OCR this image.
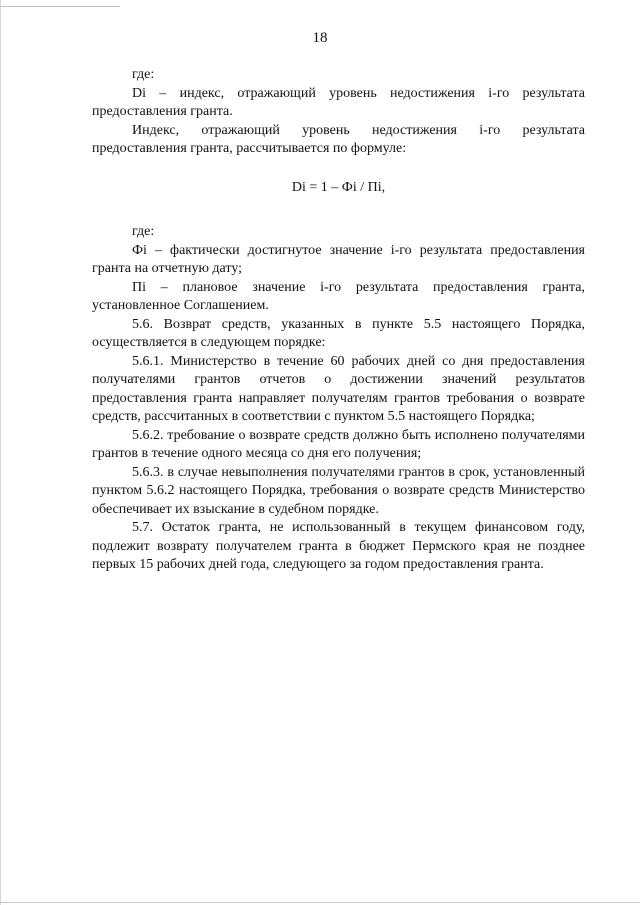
18

где:

Di – индекс, отражающий уровень недостижения i-го результата предоставления гранта.

Индекс, отражающий уровень недостижения i-го результата предоставления гранта, рассчитывается по формуле:

Di = 1 – Фi / Пi,

где:

Фi – фактически достигнутое значение i-го результата предоставления гранта на отчетную дату;

Пi – плановое значение i-го результата предоставления гранта, установленное Соглашением.

5.6. Возврат средств, указанных в пункте 5.5 настоящего Порядка, осуществляется в следующем порядке:

5.6.1. Министерство в течение 60 рабочих дней со дня предоставления получателями грантов отчетов о достижении значений результатов предоставления гранта направляет получателям грантов требования о возврате средств, рассчитанных в соответствии с пунктом 5.5 настоящего Порядка;

5.6.2. требование о возврате средств должно быть исполнено получателями грантов в течение одного месяца со дня его получения;

5.6.3. в случае невыполнения получателями грантов в срок, установленный пунктом 5.6.2 настоящего Порядка, требования о возврате средств Министерство обеспечивает их взыскание в судебном порядке.

5.7. Остаток гранта, не использованный в текущем финансовом году, подлежит возврату получателем гранта в бюджет Пермского края не позднее первых 15 рабочих дней года, следующего за годом предоставления гранта.
